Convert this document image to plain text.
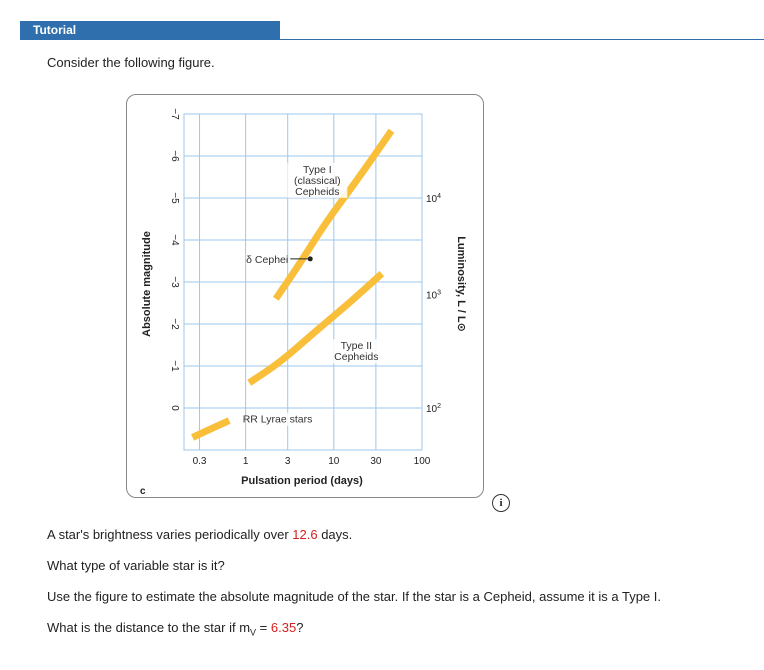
Tutorial
Consider the following figure.
0.3	1	3	10	30	100
−7
−6
−5
−4
−3
−2
−1
0
$10^4$
$10^3$
$10^2$
Type I
(classical)
Cepheids
Type II
Cepheids
RR Lyrae stars
δ Cephei
Absolute magnitude	Luminosity, L / L⊙
Pulsation period (days)
c
i
A star's brightness varies periodically over 12.6 days.
What type of variable star is it?
Use the figure to estimate the absolute magnitude of the star. If the star is a Cepheid, assume it is a Type I.
What is the distance to the star if $m_V = 6.35$?
